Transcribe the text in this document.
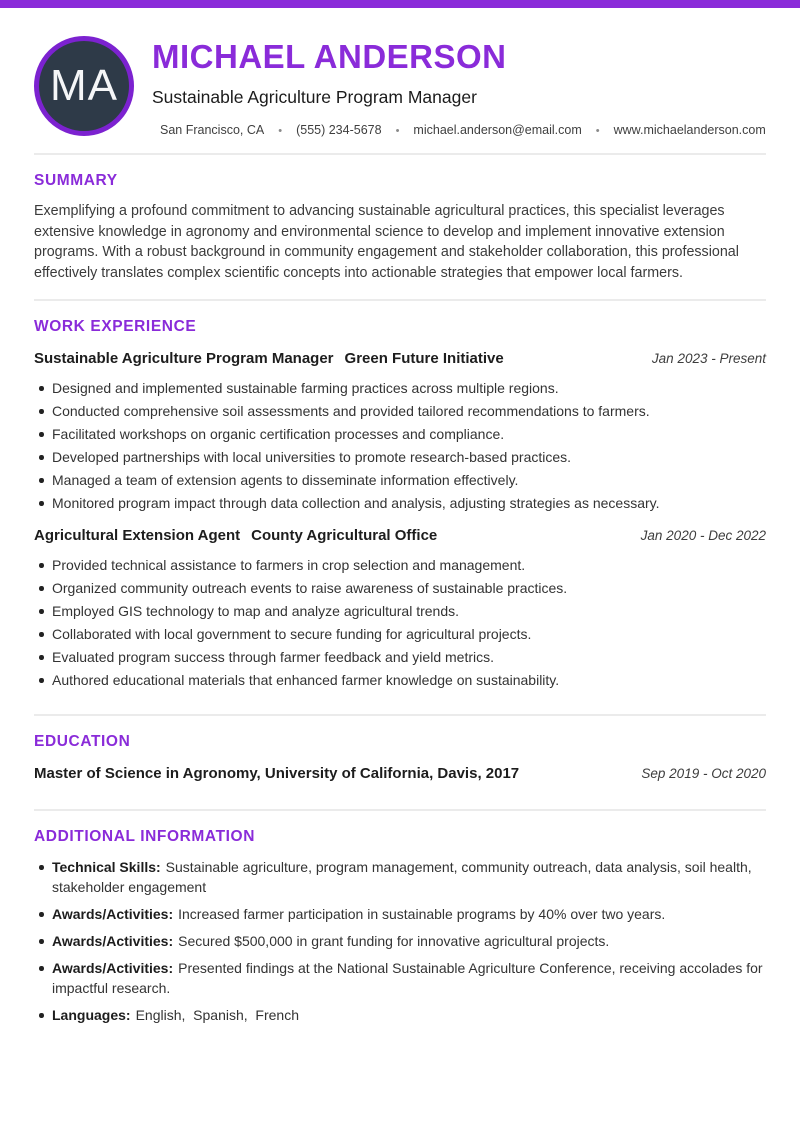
MA
MICHAEL ANDERSON
Sustainable Agriculture Program Manager
San Francisco, CA • (555) 234-5678 • michael.anderson@email.com • www.michaelanderson.com
SUMMARY

Exemplifying a profound commitment to advancing sustainable agricultural practices, this specialist leverages extensive knowledge in agronomy and environmental science to develop and implement innovative extension programs. With a robust background in community engagement and stakeholder collaboration, this professional effectively translates complex scientific concepts into actionable strategies that empower local farmers.

WORK EXPERIENCE
Sustainable Agriculture Program Manager Green Future Initiative	Jan 2023 - Present
Designed and implemented sustainable farming practices across multiple regions.
Conducted comprehensive soil assessments and provided tailored recommendations to farmers.
Facilitated workshops on organic certification processes and compliance.
Developed partnerships with local universities to promote research-based practices.
Managed a team of extension agents to disseminate information effectively.
Monitored program impact through data collection and analysis, adjusting strategies as necessary.
Agricultural Extension Agent County Agricultural Office	Jan 2020 - Dec 2022
Provided technical assistance to farmers in crop selection and management.
Organized community outreach events to raise awareness of sustainable practices.
Employed GIS technology to map and analyze agricultural trends.
Collaborated with local government to secure funding for agricultural projects.
Evaluated program success through farmer feedback and yield metrics.
Authored educational materials that enhanced farmer knowledge on sustainability.
EDUCATION
Master of Science in Agronomy, University of California, Davis, 2017	Sep 2019 - Oct 2020
ADDITIONAL INFORMATION
Technical Skills: Sustainable agriculture, program management, community outreach, data analysis, soil health, stakeholder engagement
Awards/Activities: Increased farmer participation in sustainable programs by 40% over two years.
Awards/Activities: Secured $500,000 in grant funding for innovative agricultural projects.
Awards/Activities: Presented findings at the National Sustainable Agriculture Conference, receiving accolades for impactful research.
Languages: English,  Spanish,  French
